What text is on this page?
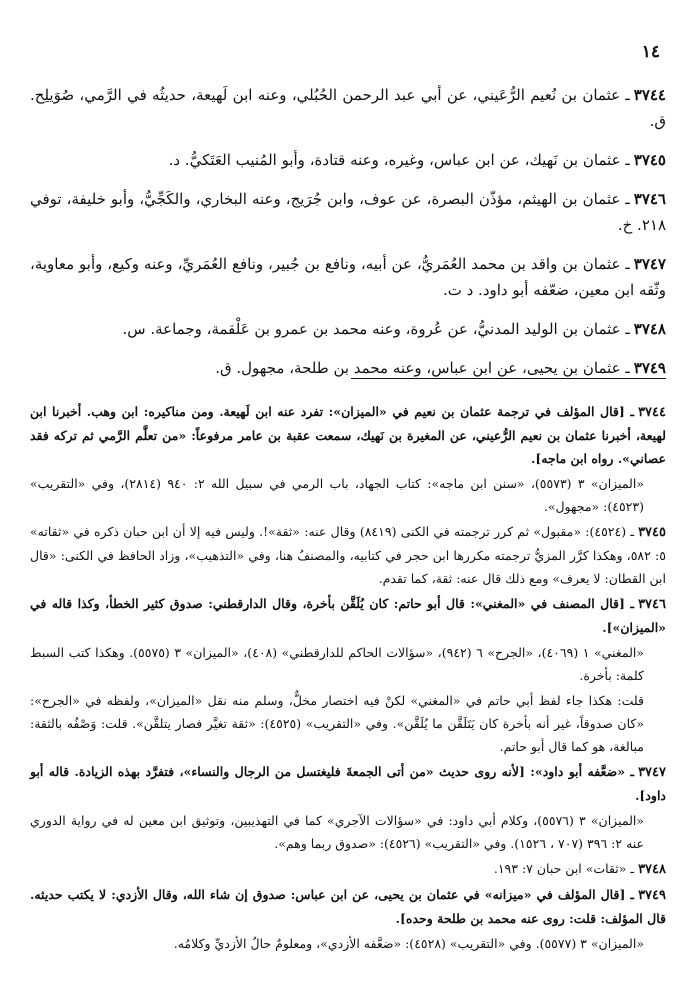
١٤

٣٧٤٤ـ عثمان بن نُعيم الرُّعَيني، عن أبي عبد الرحمن الحُبُلي، وعنه ابن لَهيعة، حديثُه في الرَّمي، صُوَيلِح. ق.

٣٧٤٥ـ عثمان بن نَهيك، عن ابن عباس، وغيره، وعنه قتادة، وأبو المُنيب العَتَكيُّ. د.

٣٧٤٦ـ عثمان بن الهيثم، مؤذّن البصرة، عن عوف، وابن جُرَيج، وعنه البخاري، والكَجِّيُّ، وأبو خليفة، توفي ٢١٨. خ.

٣٧٤٧ـ عثمان بن واقد بن محمد العُمَريُّ، عن أبيه، ونافع بن جُبير، ونافع العُمَريِّ، وعنه وكيع، وأبو معاوية، وثّقه ابن معين، ضعّفه أبو داود. د ت.

٣٧٤٨ـ عثمان بن الوليد المدنيُّ، عن عُروة، وعنه محمد بن عمرو بن عَلْقمة، وجماعة. س.

٣٧٤٩ـ عثمان بن يحيى، عن ابن عباس، وعنه محمد بن طلحة، مجهول. ق.

٣٧٤٤ـ [قال المؤلف في ترجمة عثمان بن نعيم في «الميزان»: تفرد عنه ابن لَهيعة. ومن مناكيره: ابن وهب. أخبرنا ابن لهيعة، أخبرنا عثمان بن نعيم الرُّعيني، عن المغيرة بن نَهيك، سمعت عقبة بن عامر مرفوعاً: «من تعلَّم الرَّمي ثم تركه فقد عصاني». رواه ابن ماجه].

«الميزان» ٣ (٥٥٧٣)، «سنن ابن ماجه»: كتاب الجهاد، باب الرمي في سبيل الله ٢: ٩٤٠ (٢٨١٤)، وفي «التقريب» (٤٥٢٣): «مجهول».

٣٧٤٥ـ (٤٥٢٤): «مقبول» ثم كرر ترجمته في الكنى (٨٤١٩) وقال عنه: «ثقة»!. وليس فيه إلا أن ابن حبان ذكره في «ثقاته» ٥: ٥٨٢، وهكذا كرَّر المزيُّ ترجمته مكررها ابن حجر في كتابيه، والمصنفُ هنا، وفي «التذهيب»، وزاد الحافظ في الكنى: «قال ابن القطان: لا يعرف» ومع ذلك قال عنه: ثقة، كما تقدم.

٣٧٤٦ـ [قال المصنف في «المغني»: قال أبو حاتم: كان يُلَقَّن بأخرة، وقال الدارقطني: صدوق كثير الخطأ، وكذا قاله في «الميزان»].

«المغني» ١ (٤٠٦٩)، «الجرح» ٦ (٩٤٢)، «سؤالات الحاكم للدارقطني» (٤٠٨)، «الميزان» ٣ (٥٥٧٥). وهكذا كتب السبط كلمة: بأخرة.

قلت: هكذا جاء لفظ أبي حاتم في «المغني» لكنْ فيه اختصار مخلٌّ، وسلم منه نقل «الميزان»، ولفظه في «الجرح»: «كان صدوقاً، غير أنه بأخرة كان يَتَلَقَّن ما يُلَقَّن». وفي «التقريب» (٤٥٢٥): «ثقة تغيَّر فصار يتلقَّن». قلت: وَصْفُه بالثقة: مبالغة، هو كما قال أبو حاتم.

٣٧٤٧ـ «ضعَّفه أبو داود»: [لأنه روى حديث «من أتى الجمعةَ فليغتسل من الرجال والنساء»، فتفرَّد بهذه الزيادة. قاله أبو داود].

«الميزان» ٣ (٥٥٧٦)، وكلام أبي داود: في «سؤالات الآجري» كما في التهذيبين، وتوثيق ابن معين له في رواية الدوري عنه ٢: ٣٩٦ (٧٠٧ ، ١٥٢٦). وفي «التقريب» (٤٥٢٦): «صدوق ربما وهم».

٣٧٤٨ـ «ثقات» ابن حبان ٧: ١٩٣.

٣٧٤٩ـ [قال المؤلف في «ميزانه» في عثمان بن يحيى، عن ابن عباس: صدوق إن شاء الله، وقال الأزدي: لا يكتب حديثه. قال المؤلف: قلت: روى عنه محمد بن طلحة وحده].

«الميزان» ٣ (٥٥٧٧). وفي «التقريب» (٤٥٢٨): «ضعَّفه الأزدي»، ومعلومٌ حالُ الأزديِّ وكلامُه.
